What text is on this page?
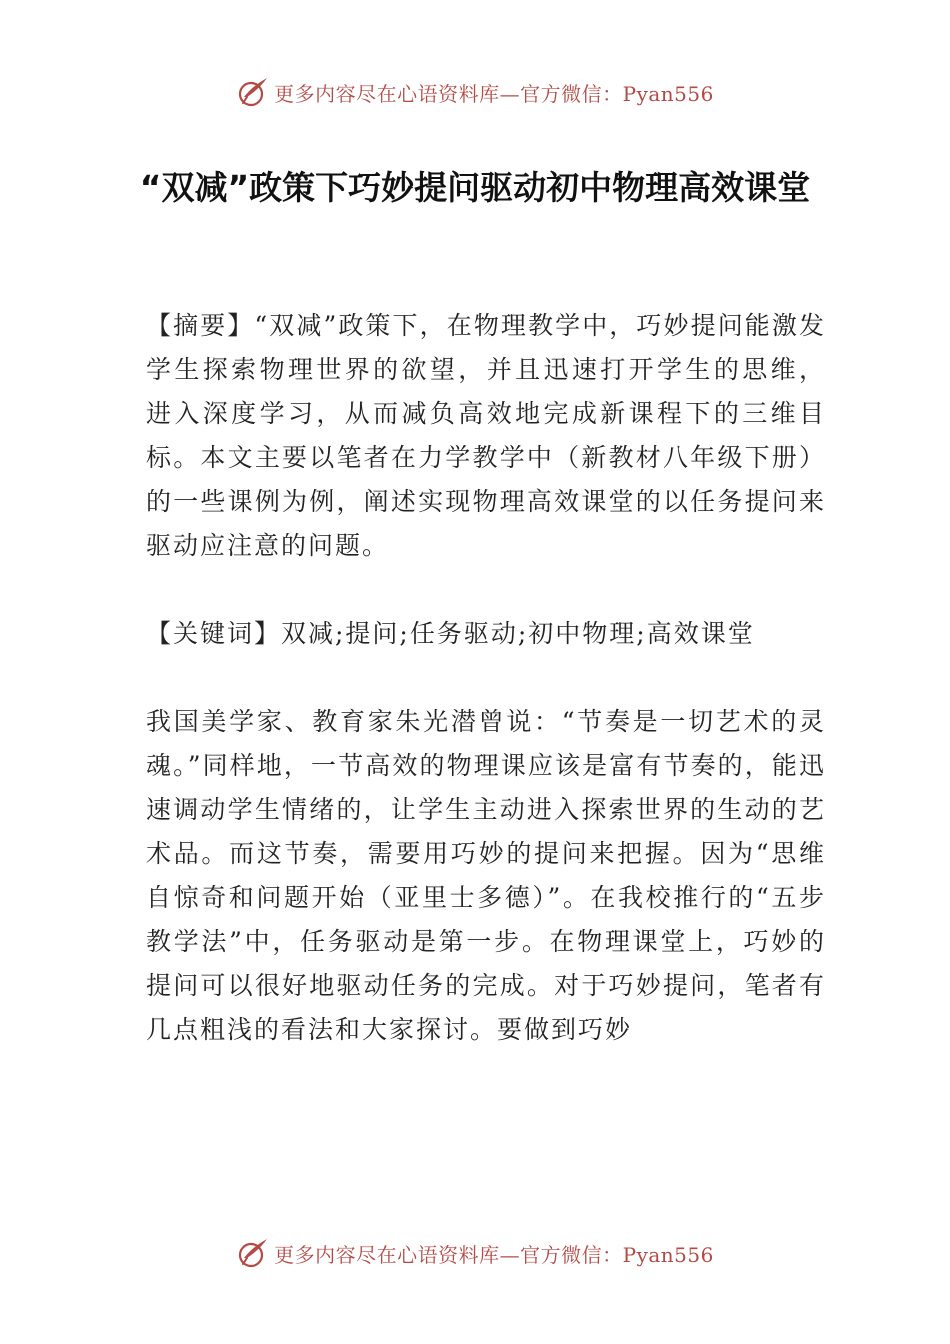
更多内容尽在心语资料库—官方微信：Pyan556
“双减”政策下巧妙提问驱动初中物理高效课堂

【摘要】“双减”政策下，在物理教学中，巧妙提问能激发学生探索物理世界的欲望，并且迅速打开学生的思维， 进入深度学习，从而减负高效地完成新课程下的三维目标。本文主要以笔者在力学教学中（新教材八年级下册） 的一些课例为例，阐述实现物理高效课堂的以任务提问来驱动应注意的问题。

【关键词】双减;提问;任务驱动;初中物理;高效课堂

我国美学家、教育家朱光潜曾说：“节奏是一切艺术的灵魂。”同样地，一节高效的物理课应该是富有节奏的，能迅速调动学生情绪的，让学生主动进入探索世界的生动的艺术品。而这节奏，需要用巧妙的提问来把握。因为“思维自惊奇和问题开始（亚里士多德）”。在我校推行的“五步教学法”中，任务驱动是第一步。在物理课堂上，巧妙的提问可以很好地驱动任务的完成。对于巧妙提问，笔者有几点粗浅的看法和大家探讨。要做到巧妙

更多内容尽在心语资料库—官方微信：Pyan556
